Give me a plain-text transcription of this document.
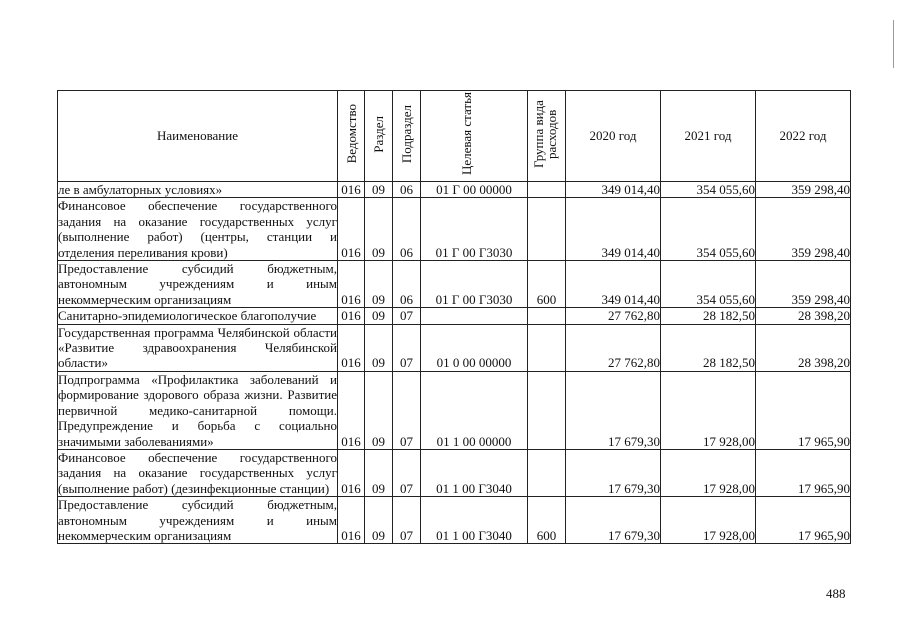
Наименование	Ведомство	Раздел	Подраздел	Целевая статья	Группа вида расходов	2020 год	2021 год	2022 год
ле в амбулаторных условиях»	016	09	06	01 Г 00 00000		349 014,40	354 055,60	359 298,40
Финансовое обеспечение государственного задания на оказание государственных услуг (выполнение работ) (центры, станции и отделения переливания крови)	016	09	06	01 Г 00 Г3030		349 014,40	354 055,60	359 298,40
Предоставление субсидий бюджетным, автономным учреждениям и иным некоммерческим организациям	016	09	06	01 Г 00 Г3030	600	349 014,40	354 055,60	359 298,40
Санитарно-эпидемиологическое благополучие	016	09	07			27 762,80	28 182,50	28 398,20
Государственная программа Челябинской области «Развитие здравоохранения Челябинской области»	016	09	07	01 0 00 00000		27 762,80	28 182,50	28 398,20
Подпрограмма «Профилактика заболеваний и формирование здорового образа жизни. Развитие первичной медико-санитарной помощи. Предупреждение и борьба с социально значимыми заболеваниями»	016	09	07	01 1 00 00000		17 679,30	17 928,00	17 965,90
Финансовое обеспечение государственного задания на оказание государственных услуг (выполнение работ) (дезинфекционные станции)	016	09	07	01 1 00 Г3040		17 679,30	17 928,00	17 965,90
Предоставление субсидий бюджетным, автономным учреждениям и иным некоммерческим организациям	016	09	07	01 1 00 Г3040	600	17 679,30	17 928,00	17 965,90
488
